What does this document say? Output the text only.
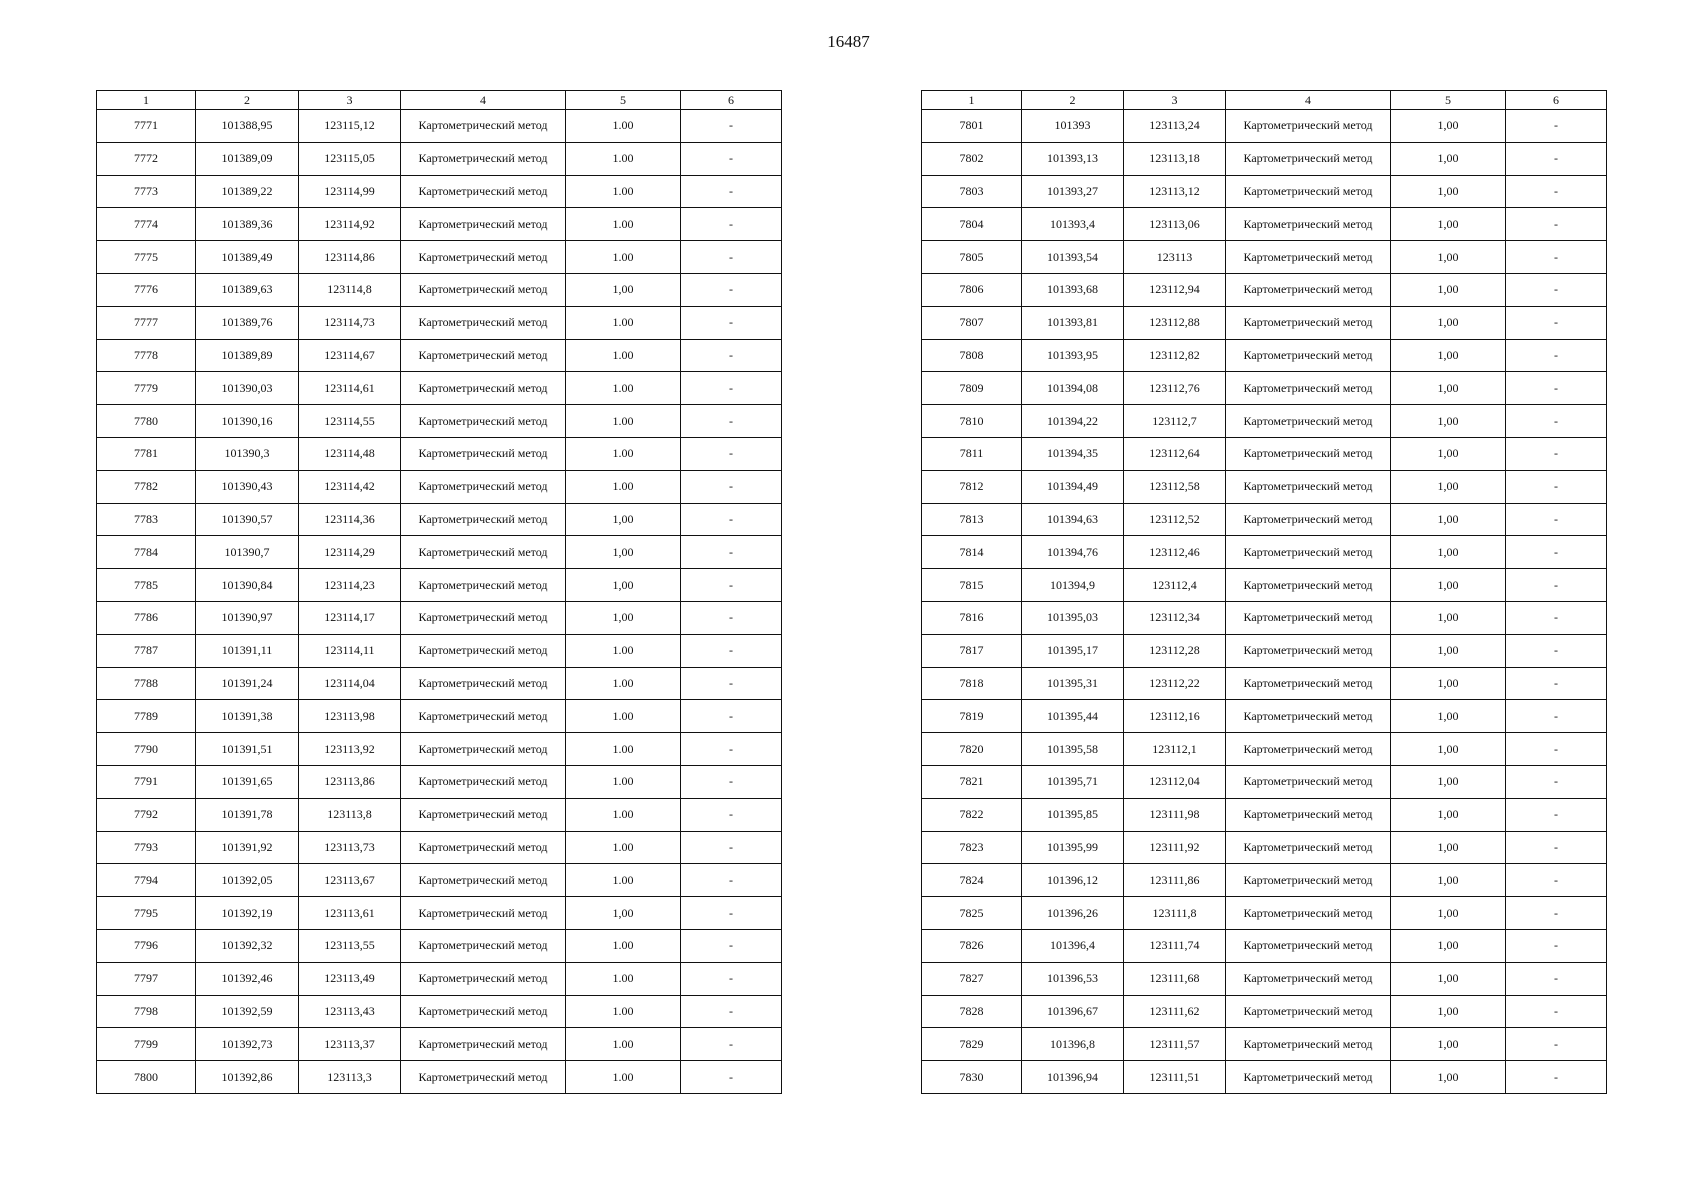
16487
1	2	3	4	5	6
7771	101388,95	123115,12	Картометрический метод	1.00	-
7772	101389,09	123115,05	Картометрический метод	1.00	-
7773	101389,22	123114,99	Картометрический метод	1.00	-
7774	101389,36	123114,92	Картометрический метод	1.00	-
7775	101389,49	123114,86	Картометрический метод	1.00	-
7776	101389,63	123114,8	Картометрический метод	1,00	-
7777	101389,76	123114,73	Картометрический метод	1.00	-
7778	101389,89	123114,67	Картометрический метод	1.00	-
7779	101390,03	123114,61	Картометрический метод	1.00	-
7780	101390,16	123114,55	Картометрический метод	1.00	-
7781	101390,3	123114,48	Картометрический метод	1.00	-
7782	101390,43	123114,42	Картометрический метод	1.00	-
7783	101390,57	123114,36	Картометрический метод	1,00	-
7784	101390,7	123114,29	Картометрический метод	1,00	-
7785	101390,84	123114,23	Картометрический метод	1,00	-
7786	101390,97	123114,17	Картометрический метод	1,00	-
7787	101391,11	123114,11	Картометрический метод	1.00	-
7788	101391,24	123114,04	Картометрический метод	1.00	-
7789	101391,38	123113,98	Картометрический метод	1.00	-
7790	101391,51	123113,92	Картометрический метод	1.00	-
7791	101391,65	123113,86	Картометрический метод	1.00	-
7792	101391,78	123113,8	Картометрический метод	1.00	-
7793	101391,92	123113,73	Картометрический метод	1.00	-
7794	101392,05	123113,67	Картометрический метод	1.00	-
7795	101392,19	123113,61	Картометрический метод	1,00	-
7796	101392,32	123113,55	Картометрический метод	1.00	-
7797	101392,46	123113,49	Картометрический метод	1.00	-
7798	101392,59	123113,43	Картометрический метод	1.00	-
7799	101392,73	123113,37	Картометрический метод	1.00	-
7800	101392,86	123113,3	Картометрический метод	1.00	-
1	2	3	4	5	6
7801	101393	123113,24	Картометрический метод	1,00	-
7802	101393,13	123113,18	Картометрический метод	1,00	-
7803	101393,27	123113,12	Картометрический метод	1,00	-
7804	101393,4	123113,06	Картометрический метод	1,00	-
7805	101393,54	123113	Картометрический метод	1,00	-
7806	101393,68	123112,94	Картометрический метод	1,00	-
7807	101393,81	123112,88	Картометрический метод	1,00	-
7808	101393,95	123112,82	Картометрический метод	1,00	-
7809	101394,08	123112,76	Картометрический метод	1,00	-
7810	101394,22	123112,7	Картометрический метод	1,00	-
7811	101394,35	123112,64	Картометрический метод	1,00	-
7812	101394,49	123112,58	Картометрический метод	1,00	-
7813	101394,63	123112,52	Картометрический метод	1,00	-
7814	101394,76	123112,46	Картометрический метод	1,00	-
7815	101394,9	123112,4	Картометрический метод	1,00	-
7816	101395,03	123112,34	Картометрический метод	1,00	-
7817	101395,17	123112,28	Картометрический метод	1,00	-
7818	101395,31	123112,22	Картометрический метод	1,00	-
7819	101395,44	123112,16	Картометрический метод	1,00	-
7820	101395,58	123112,1	Картометрический метод	1,00	-
7821	101395,71	123112,04	Картометрический метод	1,00	-
7822	101395,85	123111,98	Картометрический метод	1,00	-
7823	101395,99	123111,92	Картометрический метод	1,00	-
7824	101396,12	123111,86	Картометрический метод	1,00	-
7825	101396,26	123111,8	Картометрический метод	1,00	-
7826	101396,4	123111,74	Картометрический метод	1,00	-
7827	101396,53	123111,68	Картометрический метод	1,00	-
7828	101396,67	123111,62	Картометрический метод	1,00	-
7829	101396,8	123111,57	Картометрический метод	1,00	-
7830	101396,94	123111,51	Картометрический метод	1,00	-
